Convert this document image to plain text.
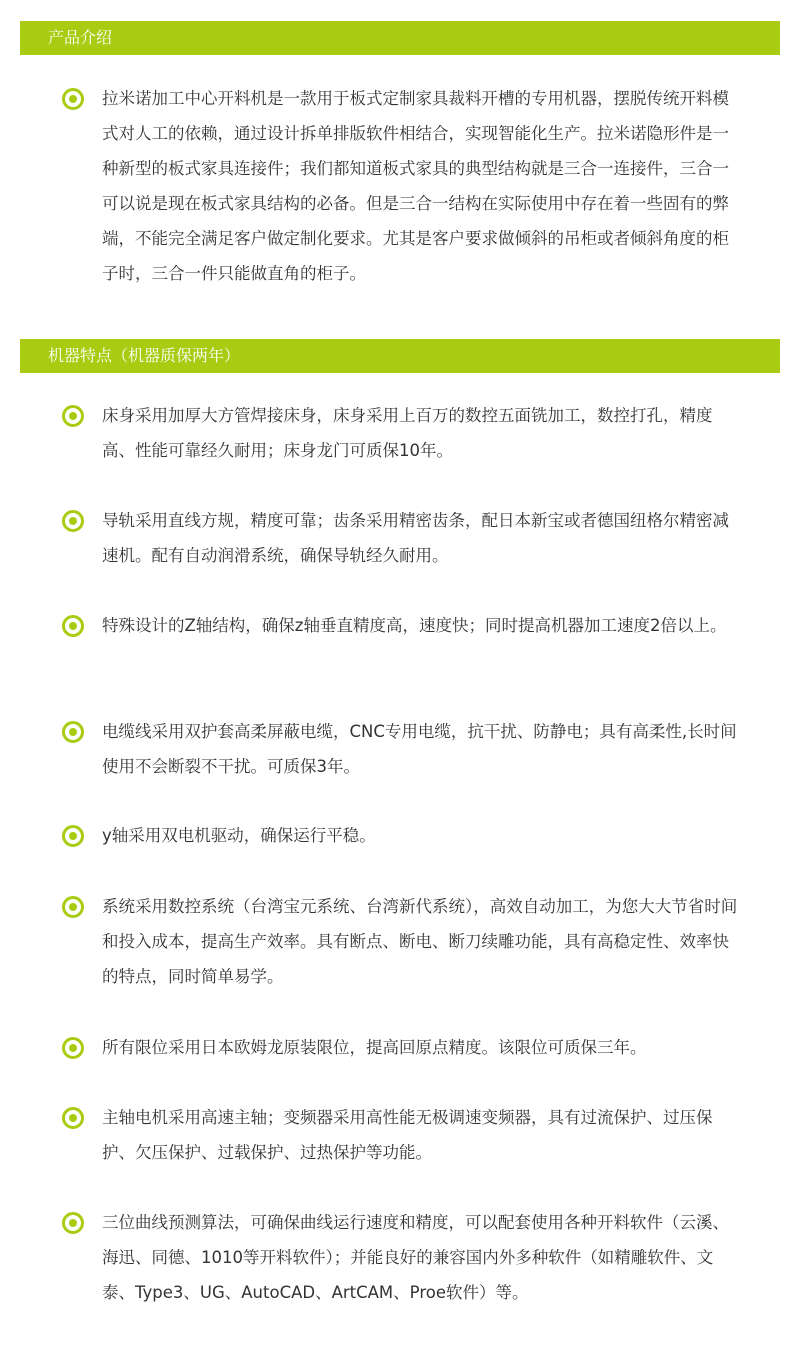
产品介绍

拉米诺加工中心开料机是一款用于板式定制家具裁料开槽的专用机器，摆脱传统开料模式对人工的依赖，通过设计拆单排版软件相结合，实现智能化生产。拉米诺隐形件是一种新型的板式家具连接件；我们都知道板式家具的典型结构就是三合一连接件，三合一可以说是现在板式家具结构的必备。但是三合一结构在实际使用中存在着一些固有的弊端，不能完全满足客户做定制化要求。尤其是客户要求做倾斜的吊柜或者倾斜角度的柜子时，三合一件只能做直角的柜子。

机器特点（机器质保两年）

床身采用加厚大方管焊接床身，床身采用上百万的数控五面铣加工，数控打孔，精度高、性能可靠经久耐用；床身龙门可质保10年。

导轨采用直线方规，精度可靠；齿条采用精密齿条，配日本新宝或者德国纽格尔精密减速机。配有自动润滑系统，确保导轨经久耐用。

特殊设计的Z轴结构，确保z轴垂直精度高，速度快；同时提高机器加工速度2倍以上。

电缆线采用双护套高柔屏蔽电缆，CNC专用电缆，抗干扰、防静电；具有高柔性,长时间使用不会断裂不干扰。可质保3年。

y轴采用双电机驱动，确保运行平稳。

系统采用数控系统（台湾宝元系统、台湾新代系统），高效自动加工，为您大大节省时间和投入成本，提高生产效率。具有断点、断电、断刀续雕功能，具有高稳定性、效率快的特点，同时简单易学。

所有限位采用日本欧姆龙原装限位，提高回原点精度。该限位可质保三年。

主轴电机采用高速主轴；变频器采用高性能无极调速变频器，具有过流保护、过压保护、欠压保护、过载保护、过热保护等功能。

三位曲线预测算法，可确保曲线运行速度和精度，可以配套使用各种开料软件（云溪、海迅、同德、1010等开料软件）；并能良好的兼容国内外多种软件（如精雕软件、文泰、Type3、UG、AutoCAD、ArtCAM、Proe软件）等。
